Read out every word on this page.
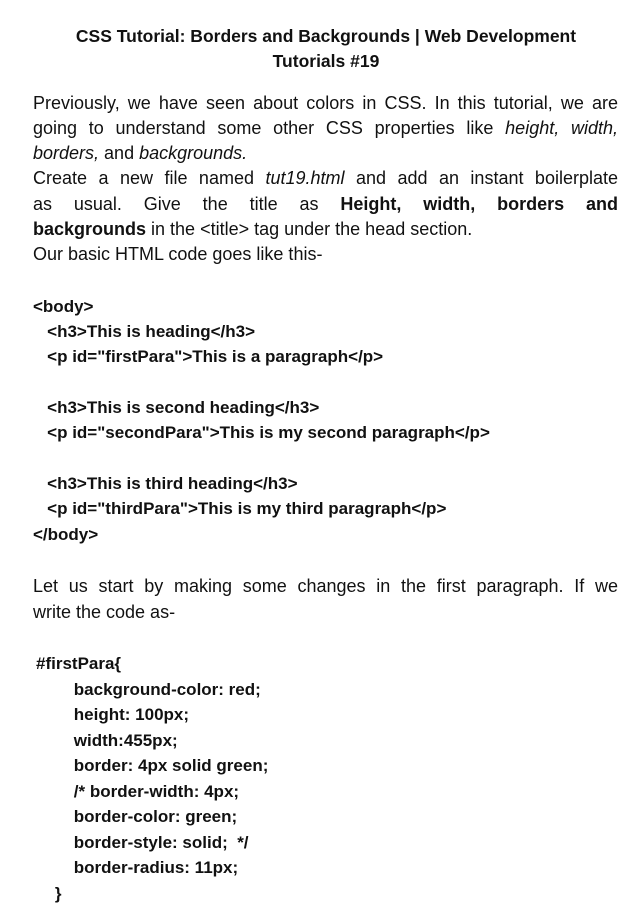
CSS Tutorial: Borders and Backgrounds | Web Development
Tutorials #19
Previously, we have seen about colors in CSS. In this tutorial, we are
going to understand some other CSS properties like height, width,
borders, and backgrounds.
Create a new file named tut19.html and add an instant boilerplate
as usual. Give the title as Height, width, borders and
backgrounds in the <title> tag under the head section.
Our basic HTML code goes like this-
<body>
<h3>This is heading</h3>
<p id="firstPara">This is a paragraph</p>
<h3>This is second heading</h3>
<p id="secondPara">This is my second paragraph</p>
<h3>This is third heading</h3>
<p id="thirdPara">This is my third paragraph</p>
</body>
Let us start by making some changes in the first paragraph. If we
write the code as-
#firstPara{
background-color: red;
height: 100px;
width:455px;
border: 4px solid green;
/* border-width: 4px;
border-color: green;
border-style: solid;  */
border-radius: 11px;
}
